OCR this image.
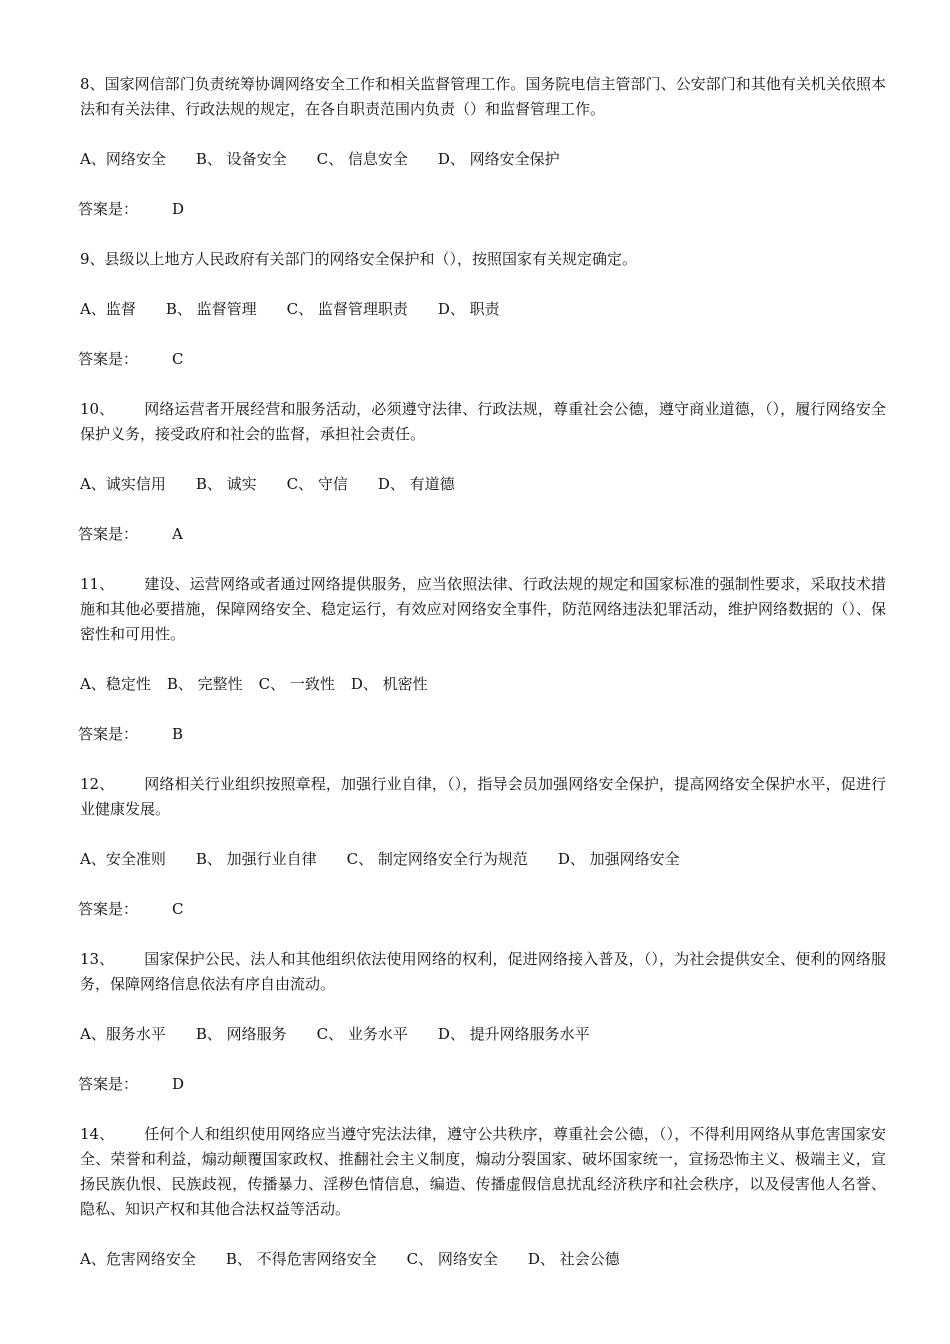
8、国家网信部门负责统筹协调网络安全工作和相关监督管理工作。国务院电信主管部门、公安部门和其他有关机关依照本法和有关法律、行政法规的规定，在各自职责范围内负责（）和监督管理工作。

A、网络安全 B、 设备安全 C、 信息安全 D、 网络安全保护

答案是： D

9、县级以上地方人民政府有关部门的网络安全保护和（），按照国家有关规定确定。

A、监督 B、 监督管理 C、 监督管理职责 D、 职责

答案是： C

10、   网络运营者开展经营和服务活动，必须遵守法律、行政法规，尊重社会公德，遵守商业道德，（），履行网络安全保护义务，接受政府和社会的监督，承担社会责任。

A、诚实信用 B、 诚实 C、 守信 D、 有道德

答案是： A

11、   建设、运营网络或者通过网络提供服务，应当依照法律、行政法规的规定和国家标准的强制性要求，采取技术措施和其他必要措施，保障网络安全、稳定运行，有效应对网络安全事件，防范网络违法犯罪活动，维护网络数据的（）、保密性和可用性。

A、稳定性 B、 完整性 C、 一致性 D、 机密性

答案是： B

12、   网络相关行业组织按照章程，加强行业自律，（），指导会员加强网络安全保护，提高网络安全保护水平，促进行业健康发展。

A、安全准则 B、 加强行业自律 C、 制定网络安全行为规范 D、 加强网络安全

答案是： C

13、   国家保护公民、法人和其他组织依法使用网络的权利，促进网络接入普及，（），为社会提供安全、便利的网络服务，保障网络信息依法有序自由流动。

A、服务水平 B、 网络服务 C、 业务水平 D、 提升网络服务水平

答案是： D

14、   任何个人和组织使用网络应当遵守宪法法律，遵守公共秩序，尊重社会公德，（），不得利用网络从事危害国家安全、荣誉和利益，煽动颠覆国家政权、推翻社会主义制度，煽动分裂国家、破坏国家统一，宣扬恐怖主义、极端主义，宣扬民族仇恨、民族歧视，传播暴力、淫秽色情信息，编造、传播虚假信息扰乱经济秩序和社会秩序，以及侵害他人名誉、隐私、知识产权和其他合法权益等活动。

A、危害网络安全 B、 不得危害网络安全 C、 网络安全 D、 社会公德
